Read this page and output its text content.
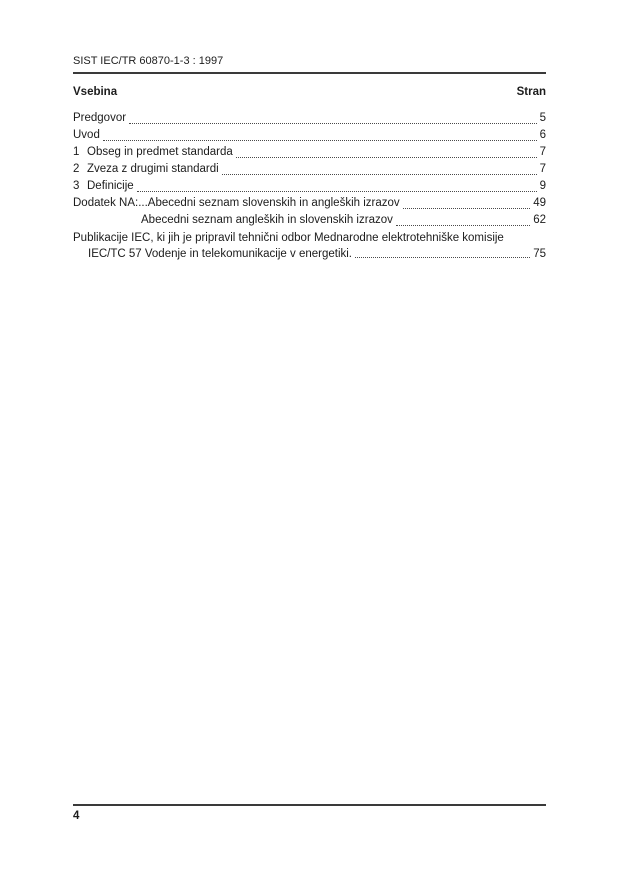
SIST IEC/TR 60870-1-3 : 1997
Vsebina	Stran
Predgovor	5
Uvod	6
1 Obseg in predmet standarda	7
2 Zveza z drugimi standardi	7
3 Definicije	9
Dodatek NA:...Abecedni seznam slovenskih in angleških izrazov	49
Abecedni seznam angleških in slovenskih izrazov	62
Publikacije IEC, ki jih je pripravil tehnični odbor Mednarodne elektrotehniške komisije
IEC/TC 57 Vodenje in telekomunikacije v energetiki.	75
4
